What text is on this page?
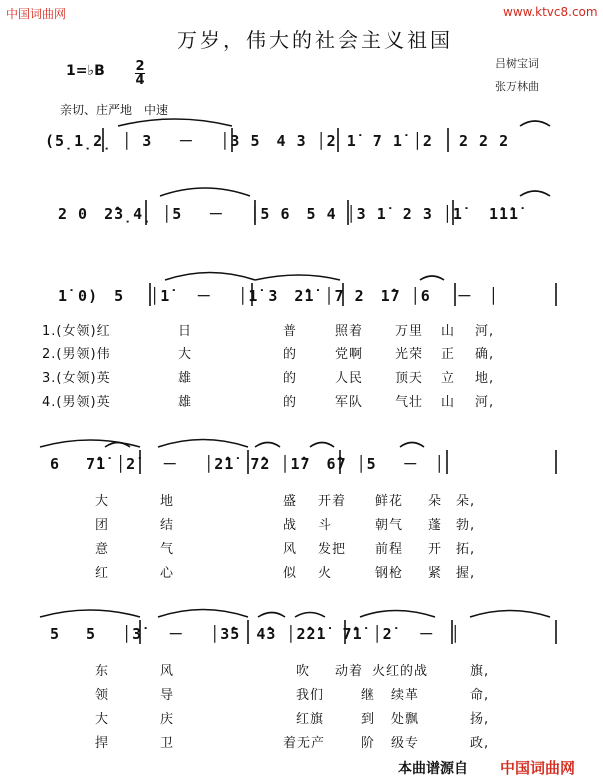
中国词曲网	www.ktvc8.com
万岁，伟大的社会主义祖国
吕树宝词
张万林曲
1=♭B 2
4
亲切、庄严地　中速
(5̣1̣2̣ │ 3　 －　 │3 5　4 3 │2 1̇　7 1̇ │2　 2 2 2
2 0　2̂3̣4̣ │5　 －　 │5 6　5 4 │3 1̇　2 3 │1̇　 1̇1̇1̇
1̇ 0)　5　 │1̇　 －　 │1̇ 3　2̂1̇ │7 2　1̂7 │6　 －　│
6　 7̂1̇ │2̇　 －　 │2̂1̇　7̂2 │1̂7　6̂7 │5　 －　│
5　 5　 │3̇　 －　 │3̂5　4̂3 │2̂2̇1̇　7̂1̇ │2̇　 －　│
1.(女领)红	日	普	照着 万里 山 河,
2.(男领)伟	大	的	党啊 光荣 正 确,
3.(女领)英	雄	的	人民 顶天 立 地,
4.(男领)英	雄	的	军队 气壮 山 河,
大	地	盛 开着 鲜花 朵 朵,
团	结	战 斗	朝气 蓬 勃,
意	气	风 发把 前程 开 拓,
红	心	似 火	钢枪 紧 握,
东	风	吹 动着 火红的战	旗,
领	导	我们	继 续革	命,
大	庆	红旗	到 处飘	扬,
捍	卫	着无产	阶 级专	政,
本曲谱源自 中国词曲网
